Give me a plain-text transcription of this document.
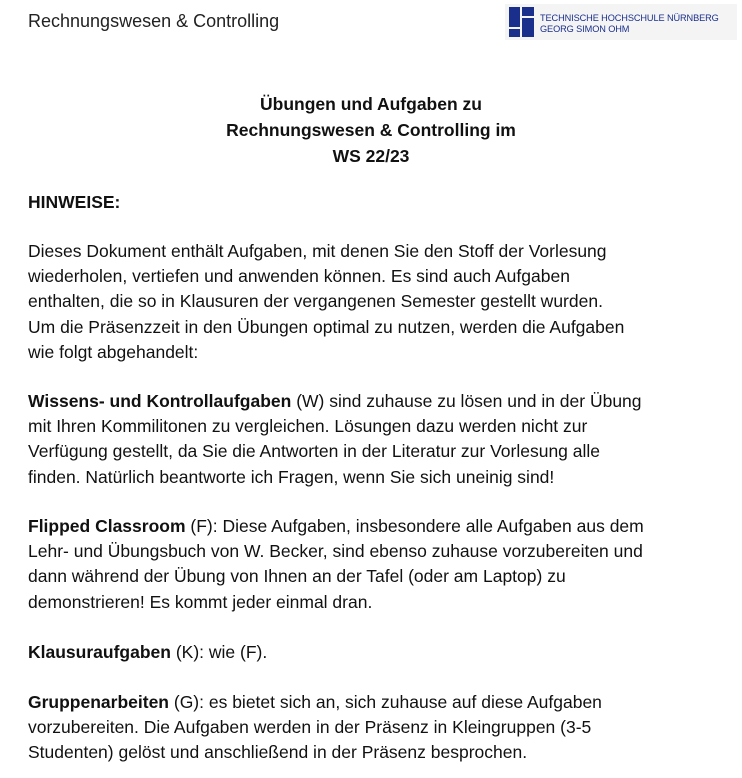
Rechnungswesen & Controlling	TECHNISCHE HOCHSCHULE NÜRNBERG
GEORG SIMON OHM
Übungen und Aufgaben zu
Rechnungswesen & Controlling im
WS 22/23
HINWEISE:
Dieses Dokument enthält Aufgaben, mit denen Sie den Stoff der Vorlesung
wiederholen, vertiefen und anwenden können. Es sind auch Aufgaben
enthalten, die so in Klausuren der vergangenen Semester gestellt wurden.
Um die Präsenzzeit in den Übungen optimal zu nutzen, werden die Aufgaben
wie folgt abgehandelt:
Wissens- und Kontrollaufgaben (W) sind zuhause zu lösen und in der Übung
mit Ihren Kommilitonen zu vergleichen. Lösungen dazu werden nicht zur
Verfügung gestellt, da Sie die Antworten in der Literatur zur Vorlesung alle
finden. Natürlich beantworte ich Fragen, wenn Sie sich uneinig sind!
Flipped Classroom (F): Diese Aufgaben, insbesondere alle Aufgaben aus dem
Lehr- und Übungsbuch von W. Becker, sind ebenso zuhause vorzubereiten und
dann während der Übung von Ihnen an der Tafel (oder am Laptop) zu
demonstrieren! Es kommt jeder einmal dran.
Klausuraufgaben (K): wie (F).
Gruppenarbeiten (G): es bietet sich an, sich zuhause auf diese Aufgaben
vorzubereiten. Die Aufgaben werden in der Präsenz in Kleingruppen (3-5
Studenten) gelöst und anschließend in der Präsenz besprochen.
